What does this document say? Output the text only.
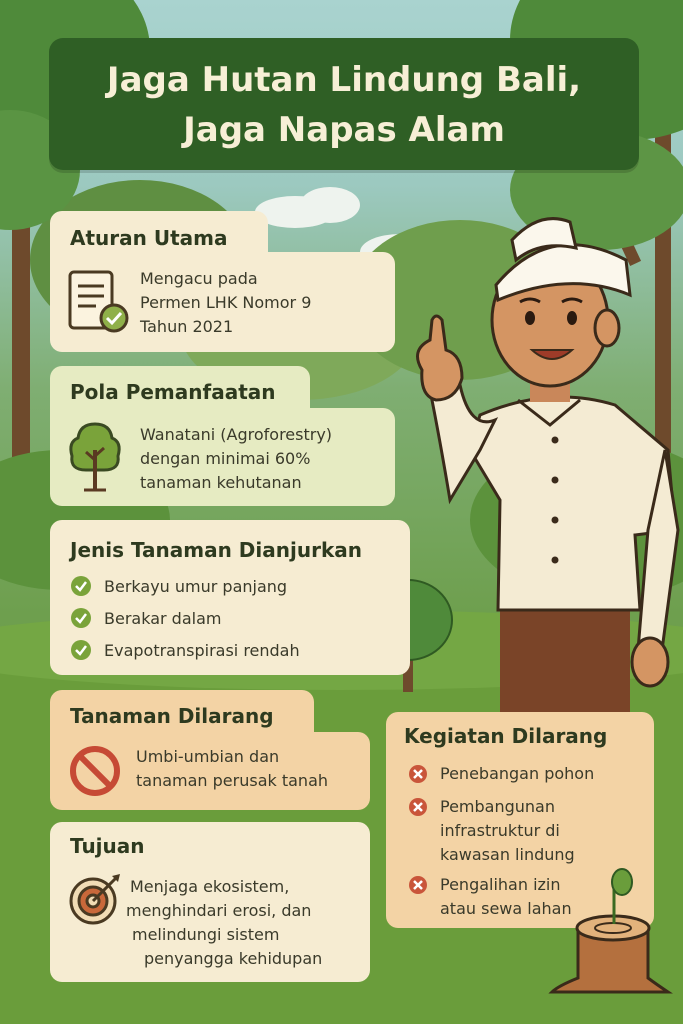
Jaga Hutan Lindung Bali,
Jaga Napas Alam
Aturan Utama
Mengacu pada
Permen LHK Nomor 9
Tahun 2021
Pola Pemanfaatan
Wanatani (Agroforestry)
dengan minimai 60%
tanaman kehutanan
Jenis Tanaman Dianjurkan
Berkayu umur panjang
Berakar dalam
Evapotranspirasi rendah
Tanaman Dilarang
Umbi-umbian dan
tanaman perusak tanah
Tujuan
Menjaga ekosistem,
menghindari erosi, dan
melindungi sistem
penyangga kehidupan
Kegiatan Dilarang
Penebangan pohon
Pembangunan
infrastruktur di
kawasan lindung
Pengalihan izin
atau sewa lahan
